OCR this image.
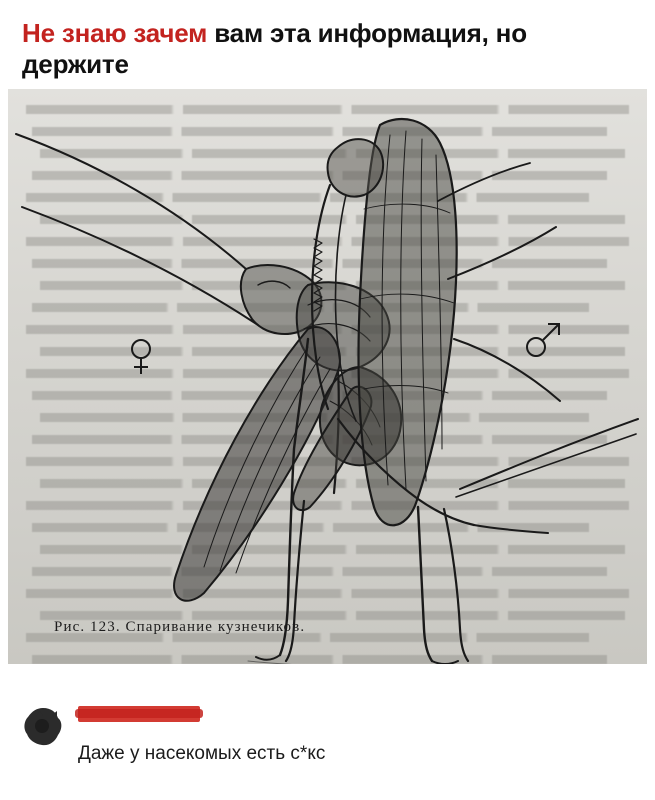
Не знаю зачем вам эта информация, но держите
Рис. 123. Спаривание кузнечиков.
Даже у насекомых есть с*кс
